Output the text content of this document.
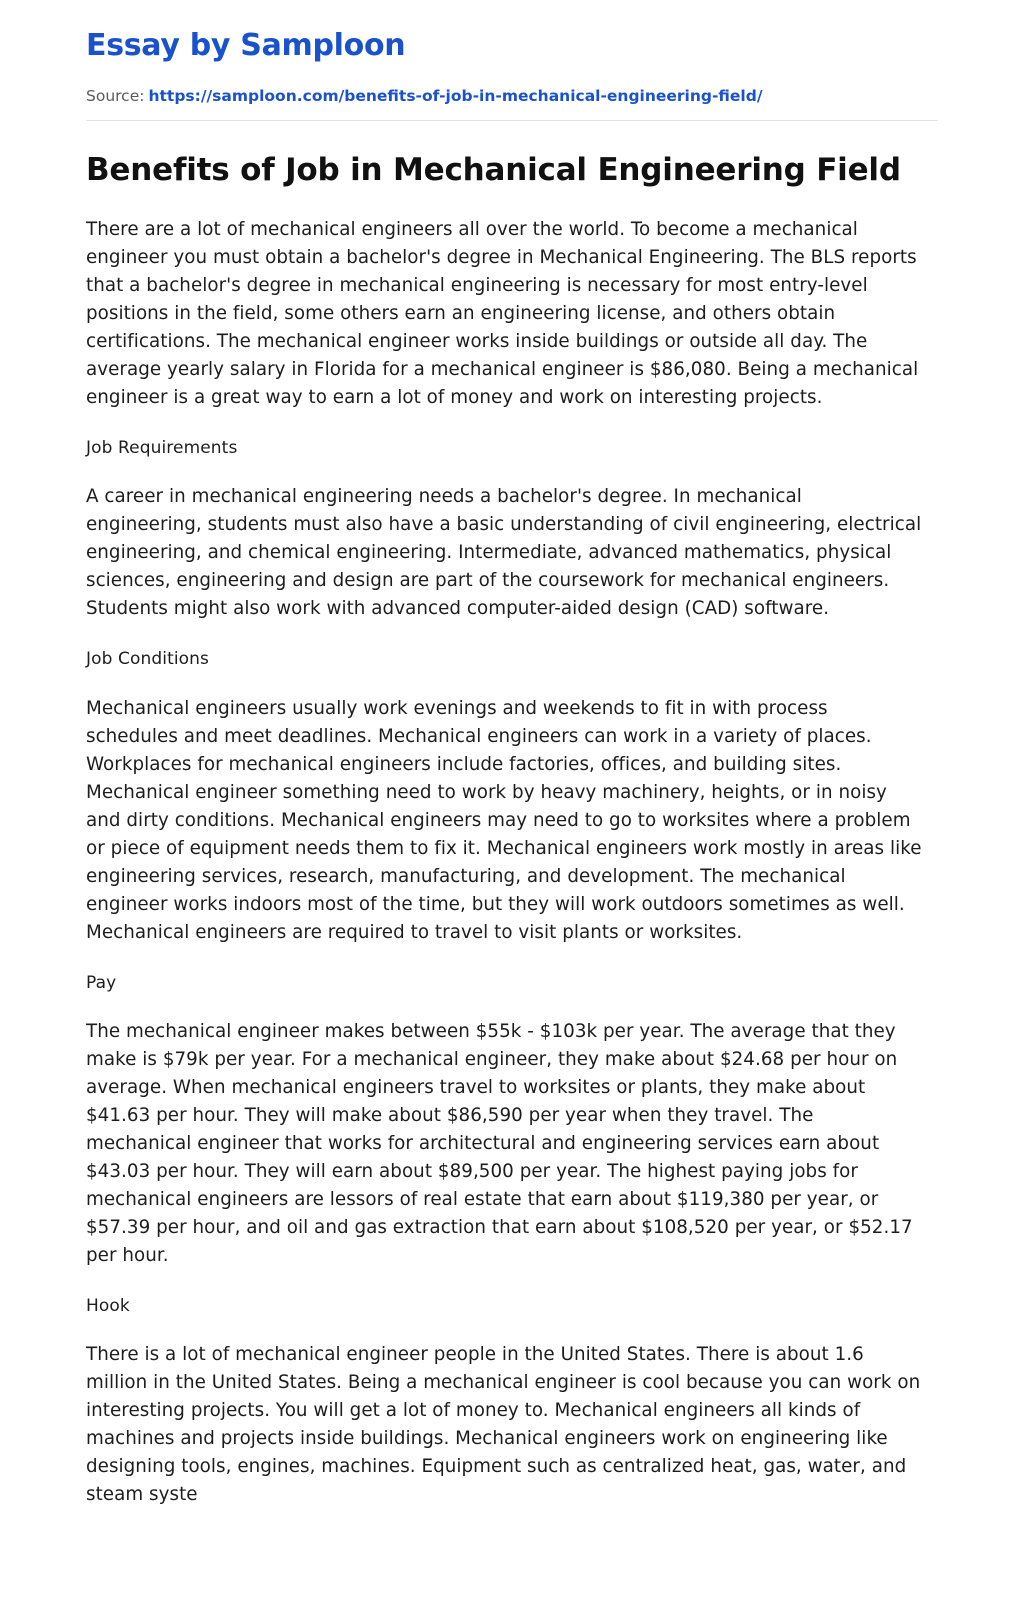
Essay by Samploon
Source: https://samploon.com/benefits-of-job-in-mechanical-engineering-field/
Benefits of Job in Mechanical Engineering Field

There are a lot of mechanical engineers all over the world. To become a mechanical engineer you must obtain a bachelor's degree in Mechanical Engineering. The BLS reports that a bachelor's degree in mechanical engineering is necessary for most entry-level positions in the field, some others earn an engineering license, and others obtain certifications. The mechanical engineer works inside buildings or outside all day. The average yearly salary in Florida for a mechanical engineer is $86,080. Being a mechanical engineer is a great way to earn a lot of money and work on interesting projects.

Job Requirements

A career in mechanical engineering needs a bachelor's degree. In mechanical engineering, students must also have a basic understanding of civil engineering, electrical engineering, and chemical engineering. Intermediate, advanced mathematics, physical sciences, engineering and design are part of the coursework for mechanical engineers. Students might also work with advanced computer-aided design (CAD) software.

Job Conditions

Mechanical engineers usually work evenings and weekends to fit in with process schedules and meet deadlines. Mechanical engineers can work in a variety of places. Workplaces for mechanical engineers include factories, offices, and building sites. Mechanical engineer something need to work by heavy machinery, heights, or in noisy and dirty conditions. Mechanical engineers may need to go to worksites where a problem or piece of equipment needs them to fix it. Mechanical engineers work mostly in areas like engineering services, research, manufacturing, and development. The mechanical engineer works indoors most of the time, but they will work outdoors sometimes as well. Mechanical engineers are required to travel to visit plants or worksites.

Pay

The mechanical engineer makes between $55k - $103k per year. The average that they make is $79k per year. For a mechanical engineer, they make about $24.68 per hour on average. When mechanical engineers travel to worksites or plants, they make about $41.63 per hour. They will make about $86,590 per year when they travel. The mechanical engineer that works for architectural and engineering services earn about $43.03 per hour. They will earn about $89,500 per year. The highest paying jobs for mechanical engineers are lessors of real estate that earn about $119,380 per year, or $57.39 per hour, and oil and gas extraction that earn about $108,520 per year, or $52.17 per hour.

Hook

There is a lot of mechanical engineer people in the United States. There is about 1.6 million in the United States. Being a mechanical engineer is cool because you can work on interesting projects. You will get a lot of money to. Mechanical engineers all kinds of machines and projects inside buildings. Mechanical engineers work on engineering like designing tools, engines, machines. Equipment such as centralized heat, gas, water, and steam syste
